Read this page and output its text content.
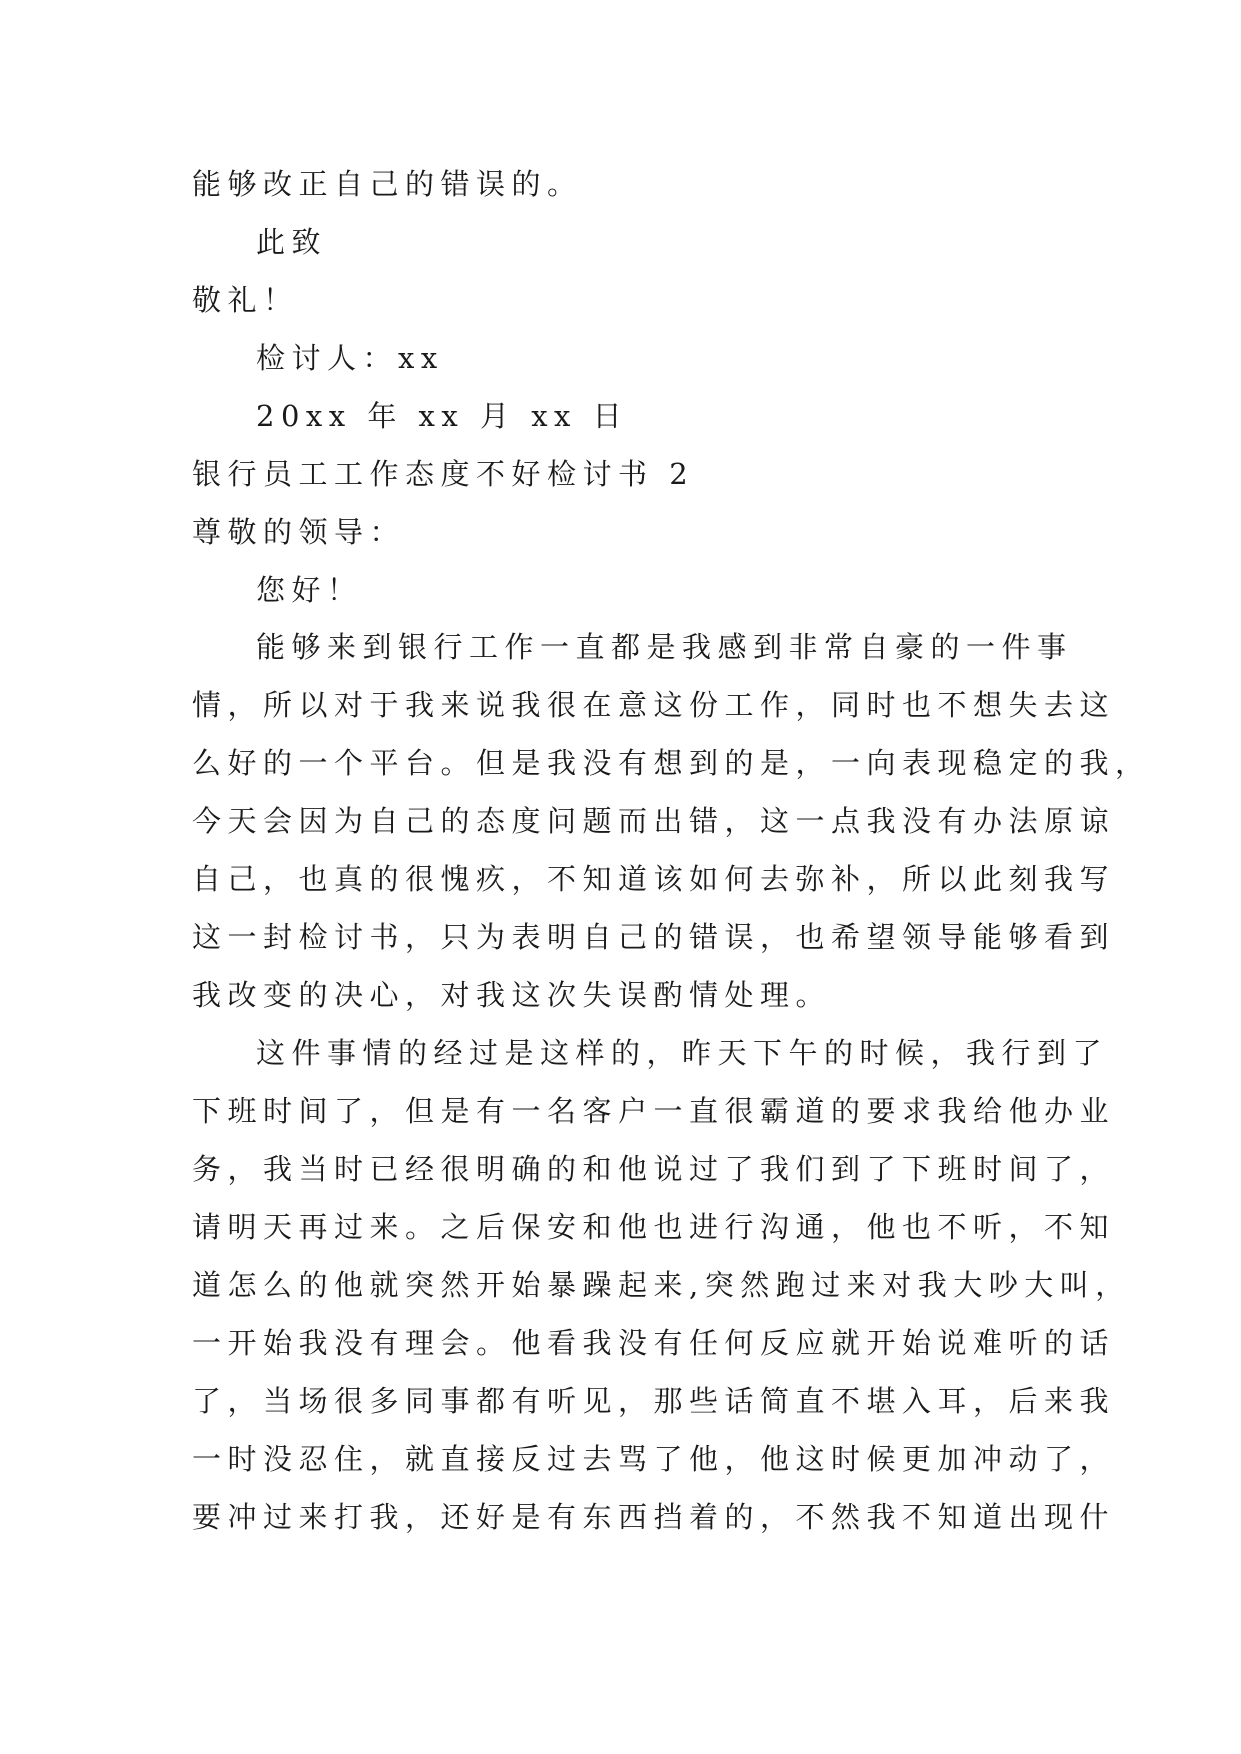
能够改正自己的错误的。
此致
敬礼！
检讨人：xx
20xx 年 xx 月 xx 日
银行员工工作态度不好检讨书 2
尊敬的领导：
您好！
能够来到银行工作一直都是我感到非常自豪的一件事
情，所以对于我来说我很在意这份工作，同时也不想失去这
么好的一个平台。但是我没有想到的是，一向表现稳定的我，
今天会因为自己的态度问题而出错，这一点我没有办法原谅
自己，也真的很愧疚，不知道该如何去弥补，所以此刻我写
这一封检讨书，只为表明自己的错误，也希望领导能够看到
我改变的决心，对我这次失误酌情处理。
这件事情的经过是这样的，昨天下午的时候，我行到了
下班时间了，但是有一名客户一直很霸道的要求我给他办业
务，我当时已经很明确的和他说过了我们到了下班时间了，
请明天再过来。之后保安和他也进行沟通，他也不听，不知
道怎么的他就突然开始暴躁起来,突然跑过来对我大吵大叫，
一开始我没有理会。他看我没有任何反应就开始说难听的话
了，当场很多同事都有听见，那些话简直不堪入耳，后来我
一时没忍住，就直接反过去骂了他，他这时候更加冲动了，
要冲过来打我，还好是有东西挡着的，不然我不知道出现什
